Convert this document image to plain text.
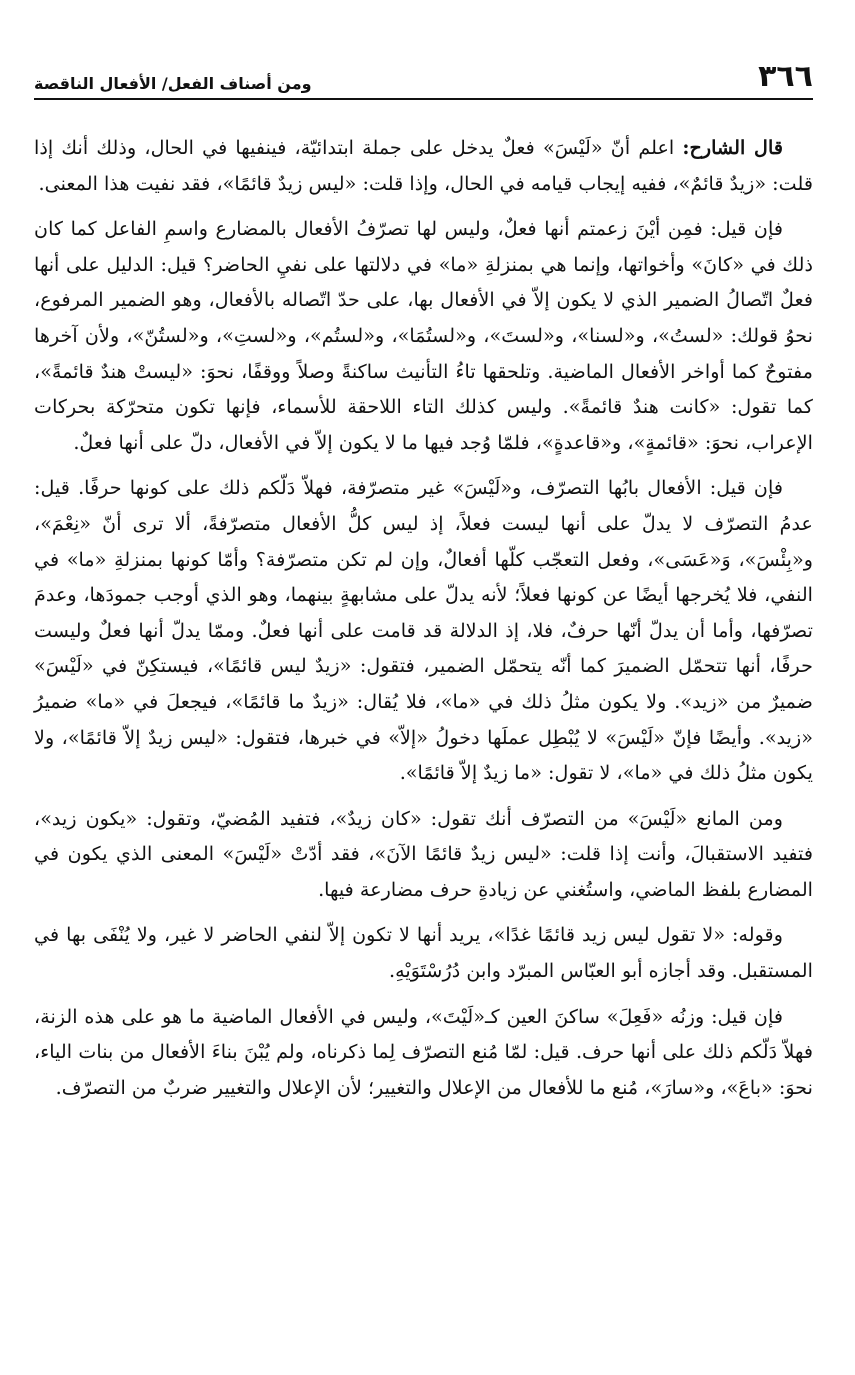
٣٦٦
ومن أصناف الفعل/ الأفعال الناقصة

قال الشارح: اعلم أنّ «لَيْسَ» فعلٌ يدخل على جملة ابتدائيّة، فينفيها في الحال، وذلك أنك إذا قلت: «زيدٌ قائمٌ»، ففيه إيجاب قيامه في الحال، وإذا قلت: «ليس زيدٌ قائمًا»، فقد نفيت هذا المعنى.

فإن قيل: فمِن أيْنَ زعمتم أنها فعلٌ، وليس لها تصرّفُ الأفعال بالمضارع واسمِ الفاعل كما كان ذلك في «كانَ» وأخواتها، وإنما هي بمنزلةِ «ما» في دلالتها على نفيِ الحاضر؟ قيل: الدليل على أنها فعلٌ اتّصالُ الضمير الذي لا يكون إلاّ في الأفعال بها، على حدّ اتّصاله بالأفعال، وهو الضمير المرفوع، نحوُ قولك: «لستُ»، و«لسنا»، و«لستَ»، و«لستُمَا»، و«لستُم»، و«لستِ»، و«لستُنّ»، ولأن آخرها مفتوحٌ كما أواخر الأفعال الماضية. وتلحقها تاءُ التأنيث ساكنةً وصلاً ووقفًا، نحوَ: «ليستْ هندٌ قائمةً»، كما تقول: «كانت هندٌ قائمةً». وليس كذلك التاء اللاحقة للأسماء، فإنها تكون متحرّكة بحركات الإعراب، نحوَ: «قائمةٍ»، و«قاعدةٍ»، فلمّا وُجد فيها ما لا يكون إلاّ في الأفعال، دلّ على أنها فعلٌ.

فإن قيل: الأفعال بابُها التصرّف، و«لَيْسَ» غير متصرّفة، فهلاّ دَلّكم ذلك على كونها حرفًا. قيل: عدمُ التصرّف لا يدلّ على أنها ليست فعلاً، إذ ليس كلُّ الأفعال متصرّفةً، ألا ترى أنّ «نِعْمَ»، و«بِئْسَ»، وَ«عَسَى»، وفعل التعجّب كلّها أفعالٌ، وإن لم تكن متصرّفة؟ وأمّا كونها بمنزلةِ «ما» في النفي، فلا يُخرجها أيضًا عن كونها فعلاً؛ لأنه يدلّ على مشابهةٍ بينهما، وهو الذي أوجب جمودَها، وعدمَ تصرّفها، وأما أن يدلّ أنّها حرفٌ، فلا، إذ الدلالة قد قامت على أنها فعلٌ. وممّا يدلّ أنها فعلٌ وليست حرفًا، أنها تتحمّل الضميرَ كما أنّه يتحمّل الضمير، فتقول: «زيدٌ ليس قائمًا»، فيستكِنّ في «لَيْسَ» ضميرٌ من «زيد». ولا يكون مثلُ ذلك في «ما»، فلا يُقال: «زيدٌ ما قائمًا»، فيجعلَ في «ما» ضميرُ «زيد». وأيضًا فإنّ «لَيْسَ» لا يُبْطِل عملَها دخولُ «إلاّ» في خبرها، فتقول: «ليس زيدٌ إلاّ قائمًا»، ولا يكون مثلُ ذلك في «ما»، لا تقول: «ما زيدٌ إلاّ قائمًا».

ومن المانع «لَيْسَ» من التصرّف أنك تقول: «كان زيدٌ»، فتفيد المُضيّ، وتقول: «يكون زيد»، فتفيد الاستقبالَ، وأنت إذا قلت: «ليس زيدٌ قائمًا الآنَ»، فقد أدّتْ «لَيْسَ» المعنى الذي يكون في المضارع بلفظ الماضي، واستُغني عن زيادةِ حرف مضارعة فيها.

وقوله: «لا تقول ليس زيد قائمًا غدًا»، يريد أنها لا تكون إلاّ لنفي الحاضر لا غير، ولا يُنْفَى بها في المستقبل. وقد أجازه أبو العبّاس المبرّد وابن دُرُسْتَوَيْهِ.

فإن قيل: وزنُه «فَعِلَ» ساكنَ العين كـ«لَيْتَ»، وليس في الأفعال الماضية ما هو على هذه الزنة، فهلاّ دَلّكم ذلك على أنها حرف. قيل: لمّا مُنع التصرّف لِما ذكرناه، ولم يُبْنَ بناءَ الأفعال من بنات الياء، نحوَ: «باعَ»، و«سارَ»، مُنع ما للأفعال من الإعلال والتغيير؛ لأن الإعلال والتغيير ضربٌ من التصرّف.
